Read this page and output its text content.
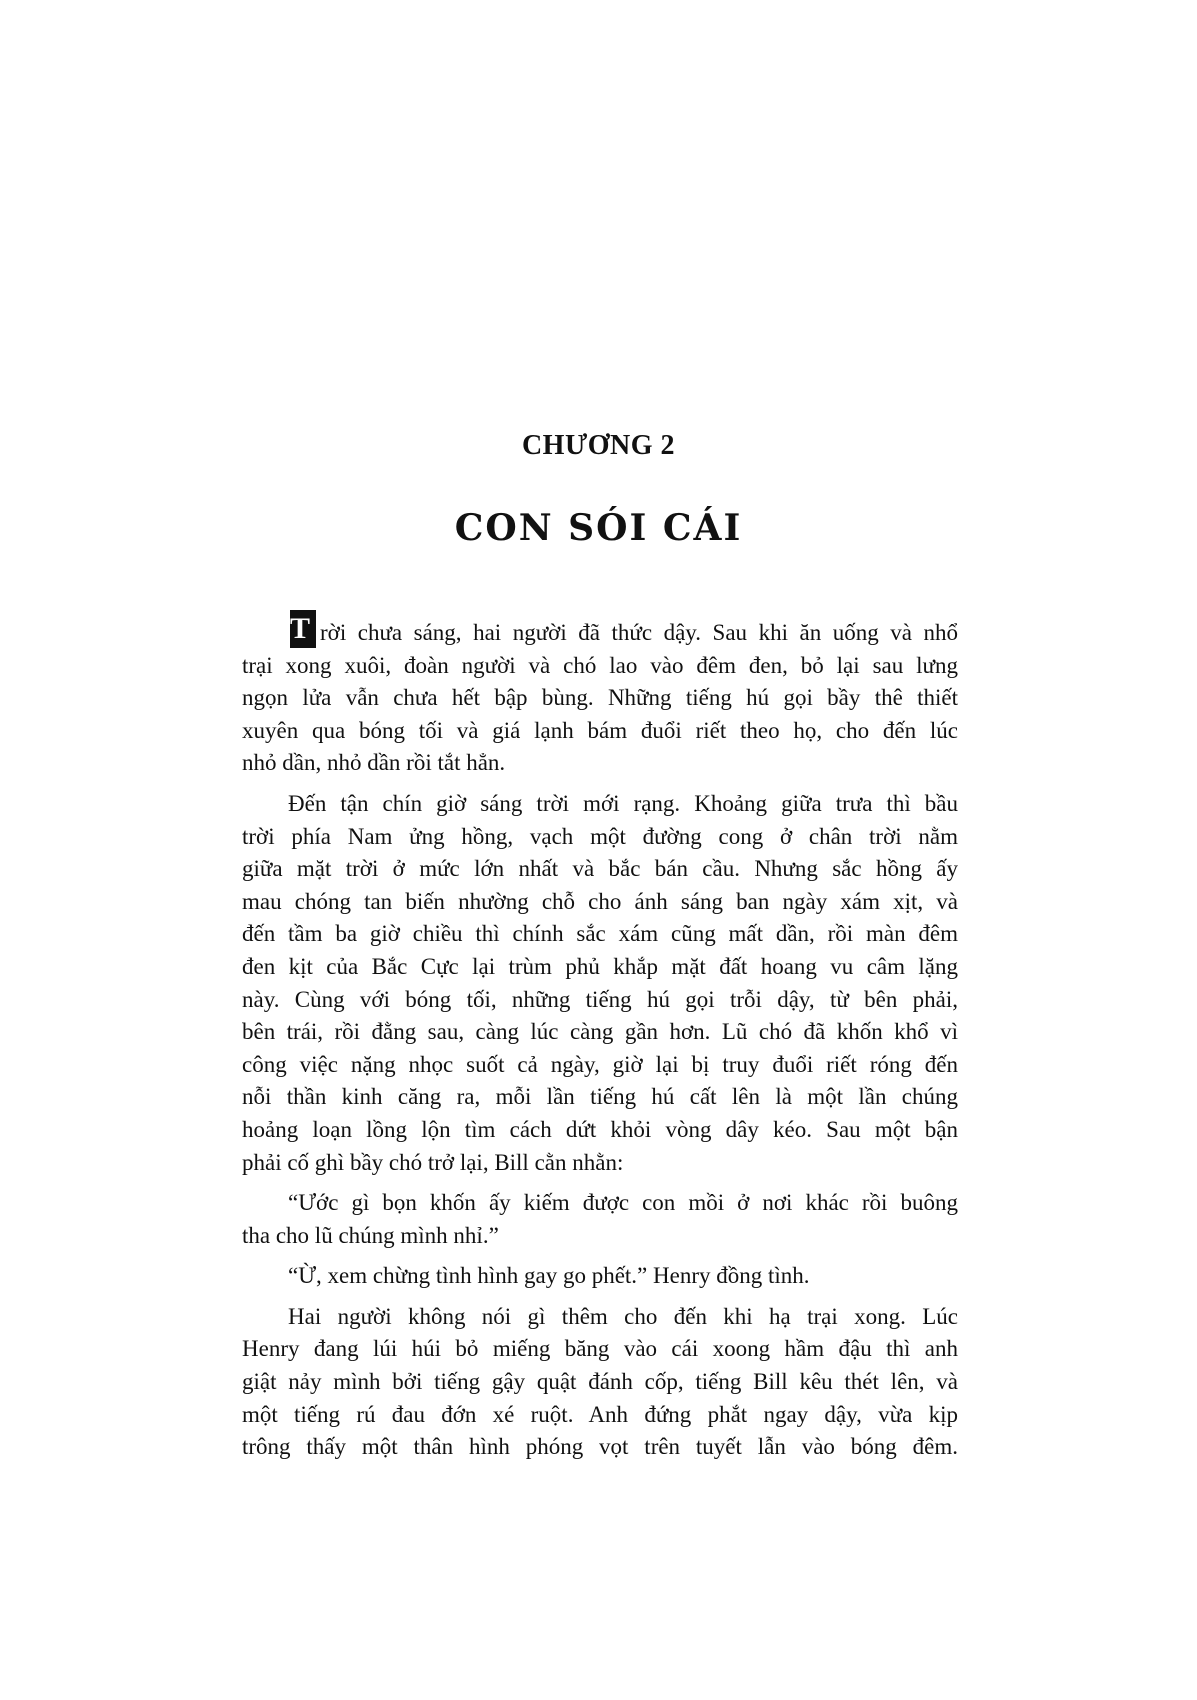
CHƯƠNG 2
CON SÓI CÁI
T rời chưa sáng, hai người đã thức dậy. Sau khi ăn uống và nhổ
trại xong xuôi, đoàn người và chó lao vào đêm đen, bỏ lại sau lưng
ngọn lửa vẫn chưa hết bập bùng. Những tiếng hú gọi bầy thê thiết
xuyên qua bóng tối và giá lạnh bám đuổi riết theo họ, cho đến lúc
nhỏ dần, nhỏ dần rồi tắt hẳn.
Đến tận chín giờ sáng trời mới rạng. Khoảng giữa trưa thì bầu
trời phía Nam ửng hồng, vạch một đường cong ở chân trời nằm
giữa mặt trời ở mức lớn nhất và bắc bán cầu. Nhưng sắc hồng ấy
mau chóng tan biến nhường chỗ cho ánh sáng ban ngày xám xịt, và
đến tầm ba giờ chiều thì chính sắc xám cũng mất dần, rồi màn đêm
đen kịt của Bắc Cực lại trùm phủ khắp mặt đất hoang vu câm lặng
này. Cùng với bóng tối, những tiếng hú gọi trỗi dậy, từ bên phải,
bên trái, rồi đằng sau, càng lúc càng gần hơn. Lũ chó đã khốn khổ vì
công việc nặng nhọc suốt cả ngày, giờ lại bị truy đuổi riết róng đến
nỗi thần kinh căng ra, mỗi lần tiếng hú cất lên là một lần chúng
hoảng loạn lồng lộn tìm cách dứt khỏi vòng dây kéo. Sau một bận
phải cố ghì bầy chó trở lại, Bill cằn nhằn:
“Ước gì bọn khốn ấy kiếm được con mồi ở nơi khác rồi buông
tha cho lũ chúng mình nhỉ.”
“Ừ, xem chừng tình hình gay go phết.” Henry đồng tình.
Hai người không nói gì thêm cho đến khi hạ trại xong. Lúc
Henry đang lúi húi bỏ miếng băng vào cái xoong hầm đậu thì anh
giật nảy mình bởi tiếng gậy quật đánh cốp, tiếng Bill kêu thét lên, và
một tiếng rú đau đớn xé ruột. Anh đứng phắt ngay dậy, vừa kịp
trông thấy một thân hình phóng vọt trên tuyết lẫn vào bóng đêm.
